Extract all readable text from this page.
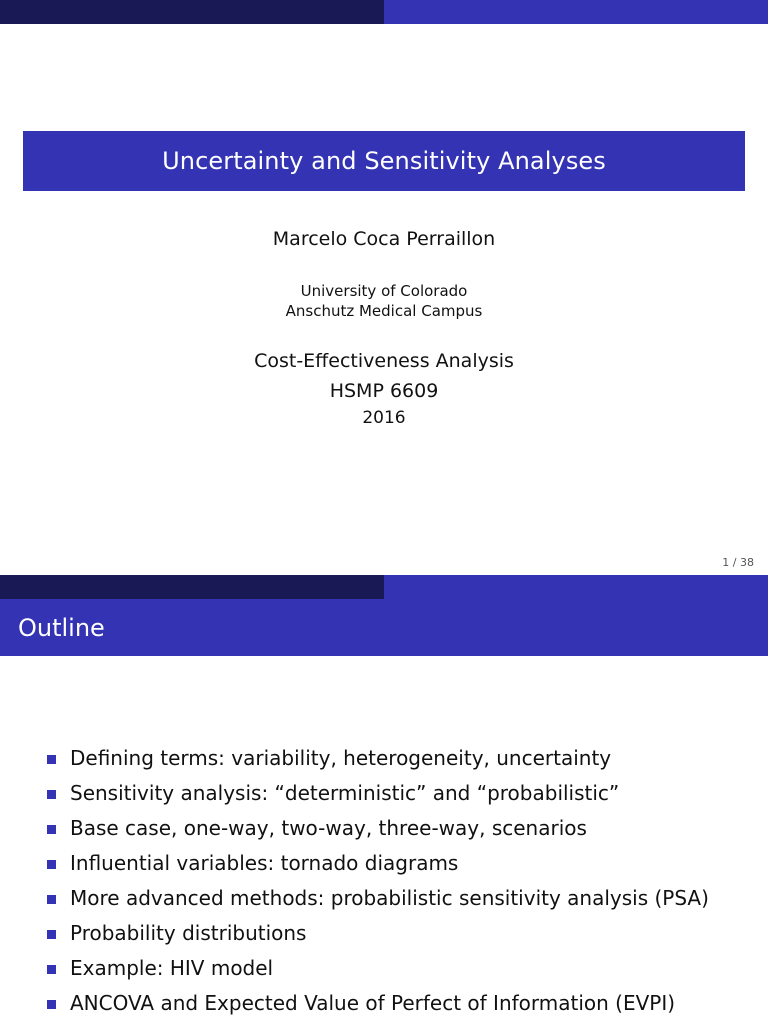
Uncertainty and Sensitivity Analyses
Marcelo Coca Perraillon
University of Colorado
Anschutz Medical Campus
Cost-Effectiveness Analysis
HSMP 6609
2016
1 / 38
Outline
Defining terms: variability, heterogeneity, uncertainty
Sensitivity analysis: “deterministic” and “probabilistic”
Base case, one-way, two-way, three-way, scenarios
Influential variables: tornado diagrams
More advanced methods: probabilistic sensitivity analysis (PSA)
Probability distributions
Example: HIV model
ANCOVA and Expected Value of Perfect of Information (EVPI)
